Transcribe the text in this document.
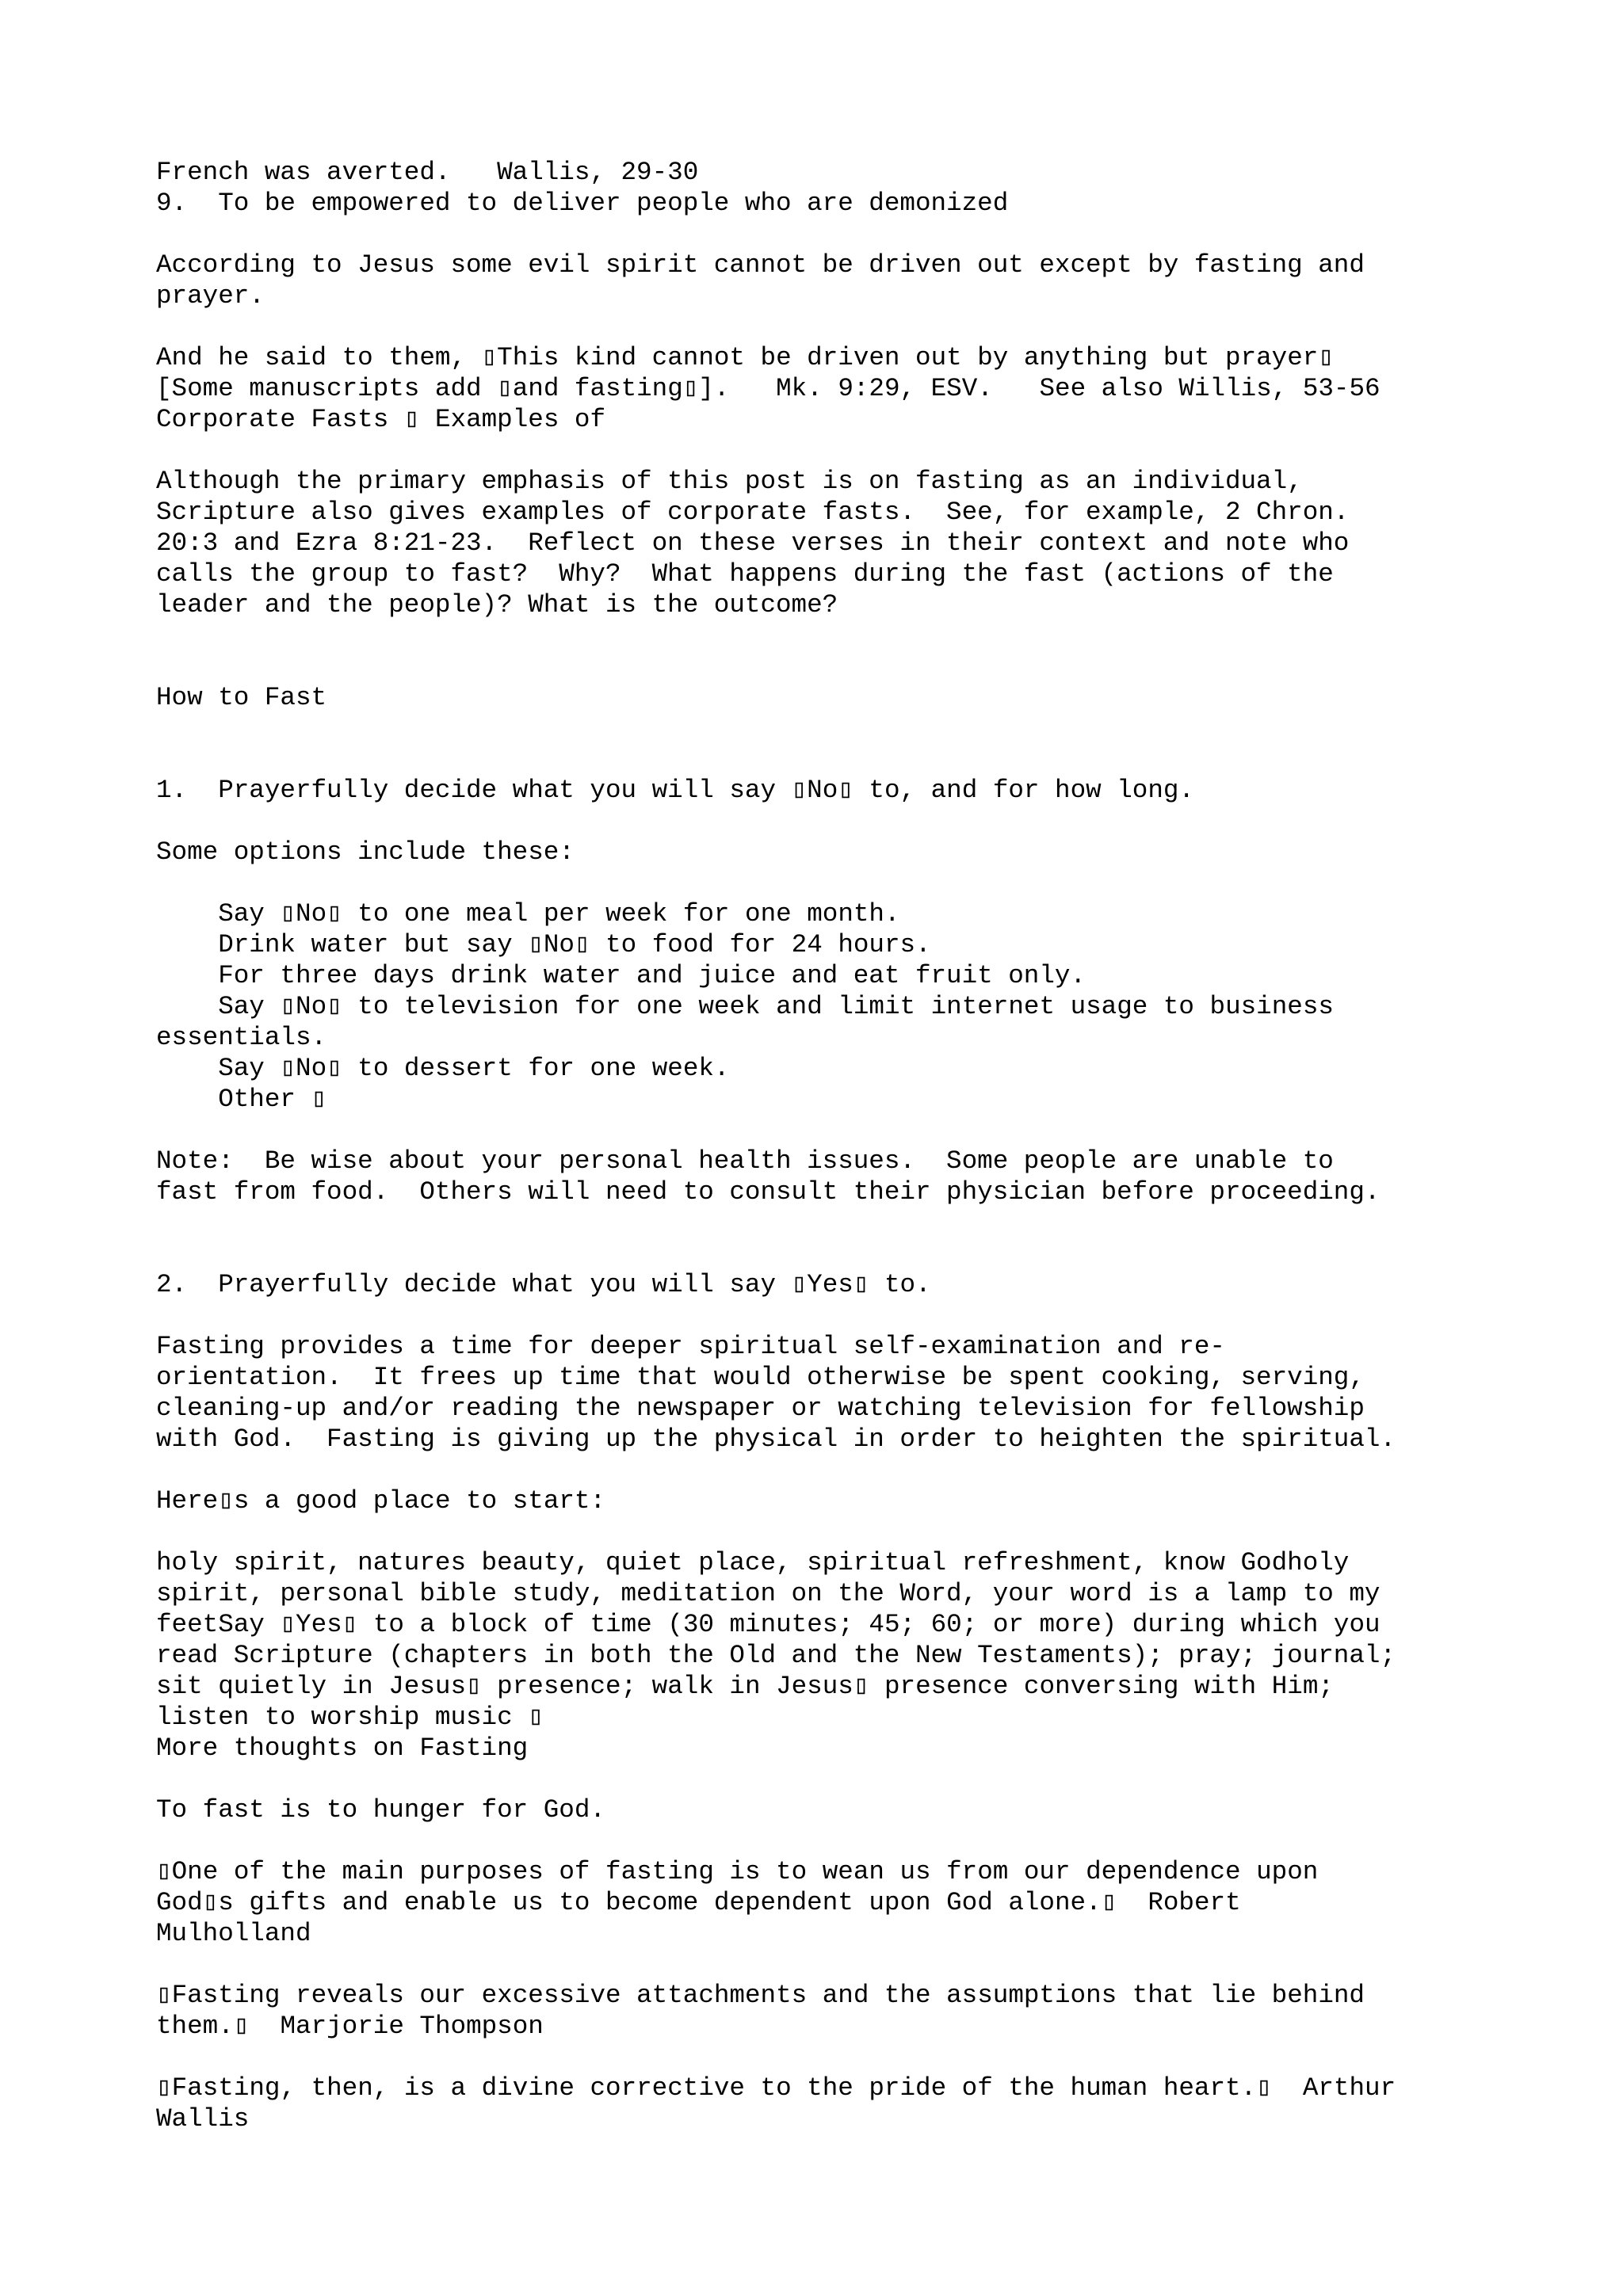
French was averted.   Wallis, 29-30
9.  To be empowered to deliver people who are demonized
According to Jesus some evil spirit cannot be driven out except by fasting and
prayer.
And he said to them, ▯This kind cannot be driven out by anything but prayer▯
[Some manuscripts add ▯and fasting▯].   Mk. 9:29, ESV.   See also Willis, 53-56
Corporate Fasts ▯ Examples of
Although the primary emphasis of this post is on fasting as an individual,
Scripture also gives examples of corporate fasts.  See, for example, 2 Chron.
20:3 and Ezra 8:21-23.  Reflect on these verses in their context and note who
calls the group to fast?  Why?  What happens during the fast (actions of the
leader and the people)? What is the outcome?
How to Fast
1.  Prayerfully decide what you will say ▯No▯ to, and for how long.
Some options include these:
Say ▯No▯ to one meal per week for one month.
Drink water but say ▯No▯ to food for 24 hours.
For three days drink water and juice and eat fruit only.
Say ▯No▯ to television for one week and limit internet usage to business
essentials.
Say ▯No▯ to dessert for one week.
Other ▯
Note:  Be wise about your personal health issues.  Some people are unable to
fast from food.  Others will need to consult their physician before proceeding.
2.  Prayerfully decide what you will say ▯Yes▯ to.
Fasting provides a time for deeper spiritual self-examination and re-
orientation.  It frees up time that would otherwise be spent cooking, serving,
cleaning-up and/or reading the newspaper or watching television for fellowship
with God.  Fasting is giving up the physical in order to heighten the spiritual.
Here▯s a good place to start:
holy spirit, natures beauty, quiet place, spiritual refreshment, know Godholy
spirit, personal bible study, meditation on the Word, your word is a lamp to my
feetSay ▯Yes▯ to a block of time (30 minutes; 45; 60; or more) during which you
read Scripture (chapters in both the Old and the New Testaments); pray; journal;
sit quietly in Jesus▯ presence; walk in Jesus▯ presence conversing with Him;
listen to worship music ▯
More thoughts on Fasting
To fast is to hunger for God.
▯One of the main purposes of fasting is to wean us from our dependence upon
God▯s gifts and enable us to become dependent upon God alone.▯  Robert
Mulholland
▯Fasting reveals our excessive attachments and the assumptions that lie behind
them.▯  Marjorie Thompson
▯Fasting, then, is a divine corrective to the pride of the human heart.▯  Arthur
Wallis
